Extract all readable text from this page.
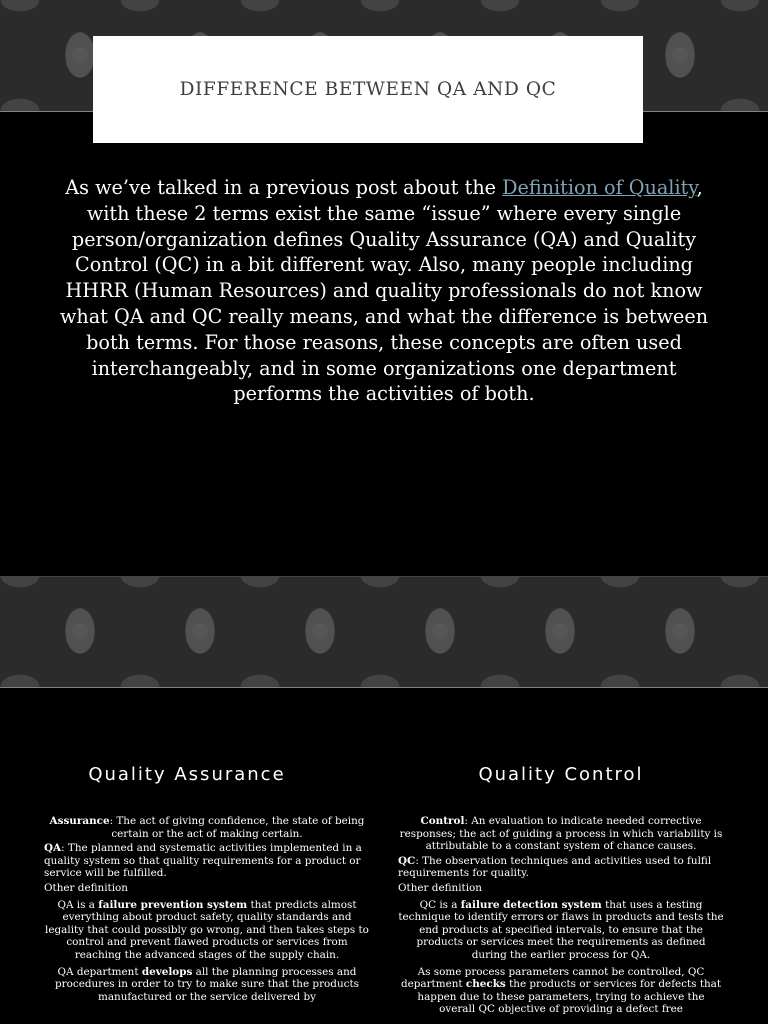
DIFFERENCE BETWEEN QA AND QC
As we’ve talked in a previous post about the Definition of Quality, with these 2 terms exist the same “issue” where every single person/organization defines Quality Assurance (QA) and Quality Control (QC) in a bit different way. Also, many people including HHRR (Human Resources) and quality professionals do not know what QA and QC really means, and what the difference is between both terms. For those reasons, these concepts are often used interchangeably, and in some organizations one department performs the activities of both.
Quality Assurance	Quality Control

Assurance: The act of giving confidence, the state of being certain or the act of making certain.

QA: The planned and systematic activities implemented in a quality system so that quality requirements for a product or service will be fulfilled.

Other definition

QA is a failure prevention system that predicts almost everything about product safety, quality standards and legality that could possibly go wrong, and then takes steps to control and prevent flawed products or services from reaching the advanced stages of the supply chain.

QA department develops all the planning processes and procedures in order to try to make sure that the products manufactured or the service delivered by

Control: An evaluation to indicate needed corrective responses; the act of guiding a process in which variability is attributable to a constant system of chance causes.

QC: The observation techniques and activities used to fulfil requirements for quality.

Other definition

QC is a failure detection system that uses a testing technique to identify errors or flaws in products and tests the end products at specified intervals, to ensure that the products or services meet the requirements as defined during the earlier process for QA.

As some process parameters cannot be controlled, QC department checks the products or services for defects that happen due to these parameters, trying to achieve the overall QC objective of providing a defect free
